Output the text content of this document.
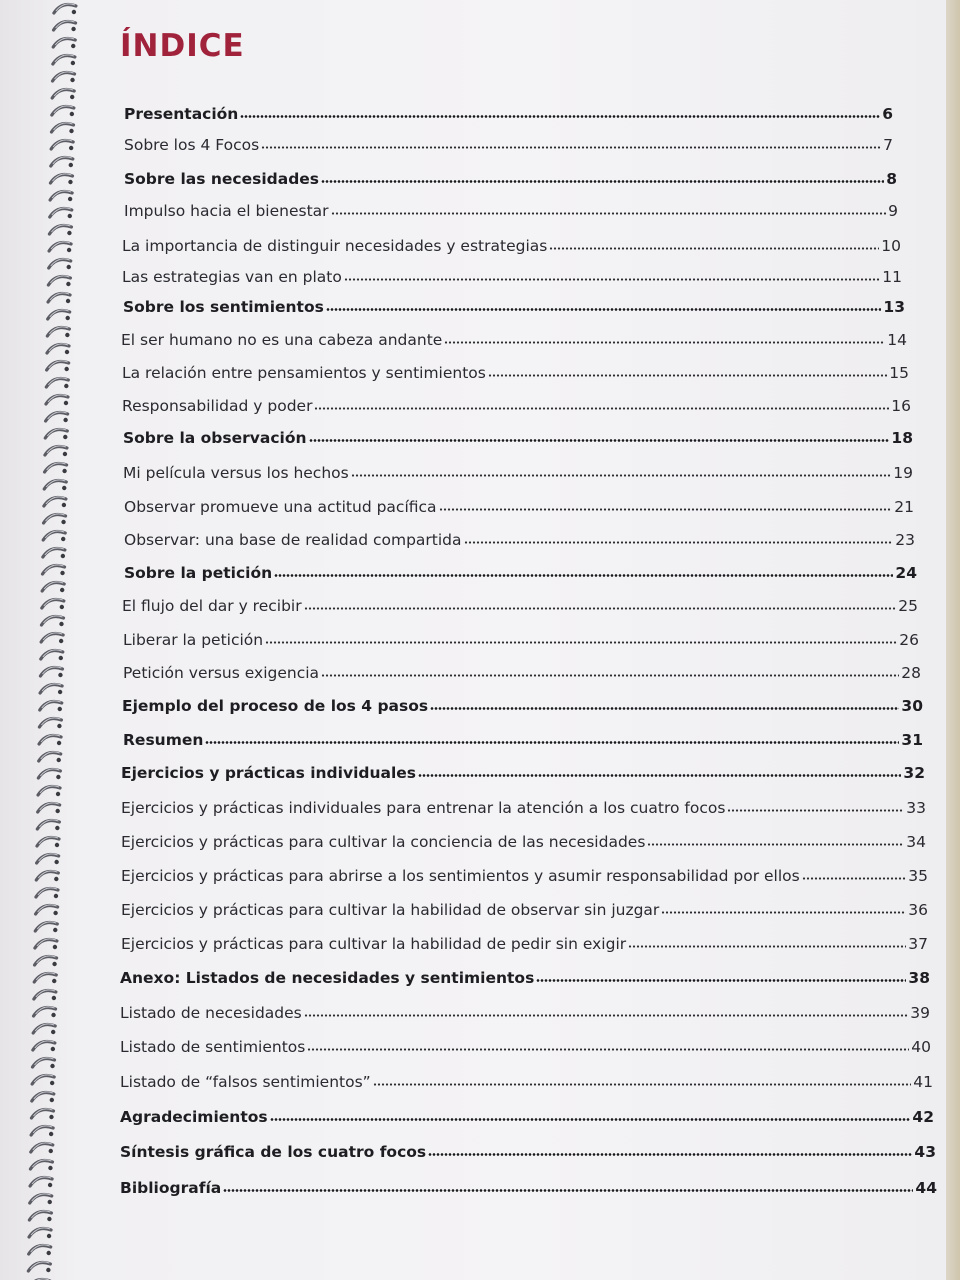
ÍNDICE
Presentación	6
Sobre los 4 Focos	7
Sobre las necesidades	8
Impulso hacia el bienestar	9
La importancia de distinguir necesidades y estrategias	10
Las estrategias van en plato	11
Sobre los sentimientos	13
El ser humano no es una cabeza andante	14
La relación entre pensamientos y sentimientos	15
Responsabilidad y poder	16
Sobre la observación	18
Mi película versus los hechos	19
Observar promueve una actitud pacífica	21
Observar: una base de realidad compartida	23
Sobre la petición	24
El flujo del dar y recibir	25
Liberar la petición	26
Petición versus exigencia	28
Ejemplo del proceso de los 4 pasos	30
Resumen	31
Ejercicios y prácticas individuales	32
Ejercicios y prácticas individuales para entrenar la atención a los cuatro focos	33
Ejercicios y prácticas para cultivar la conciencia de las necesidades	34
Ejercicios y prácticas para abrirse a los sentimientos y asumir responsabilidad por ellos	35
Ejercicios y prácticas para cultivar la habilidad de observar sin juzgar	36
Ejercicios y prácticas para cultivar la habilidad de pedir sin exigir	37
Anexo: Listados de necesidades y sentimientos	38
Listado de necesidades	39
Listado de sentimientos	40
Listado de “falsos sentimientos”	41
Agradecimientos	42
Síntesis gráfica de los cuatro focos	43
Bibliografía	44
